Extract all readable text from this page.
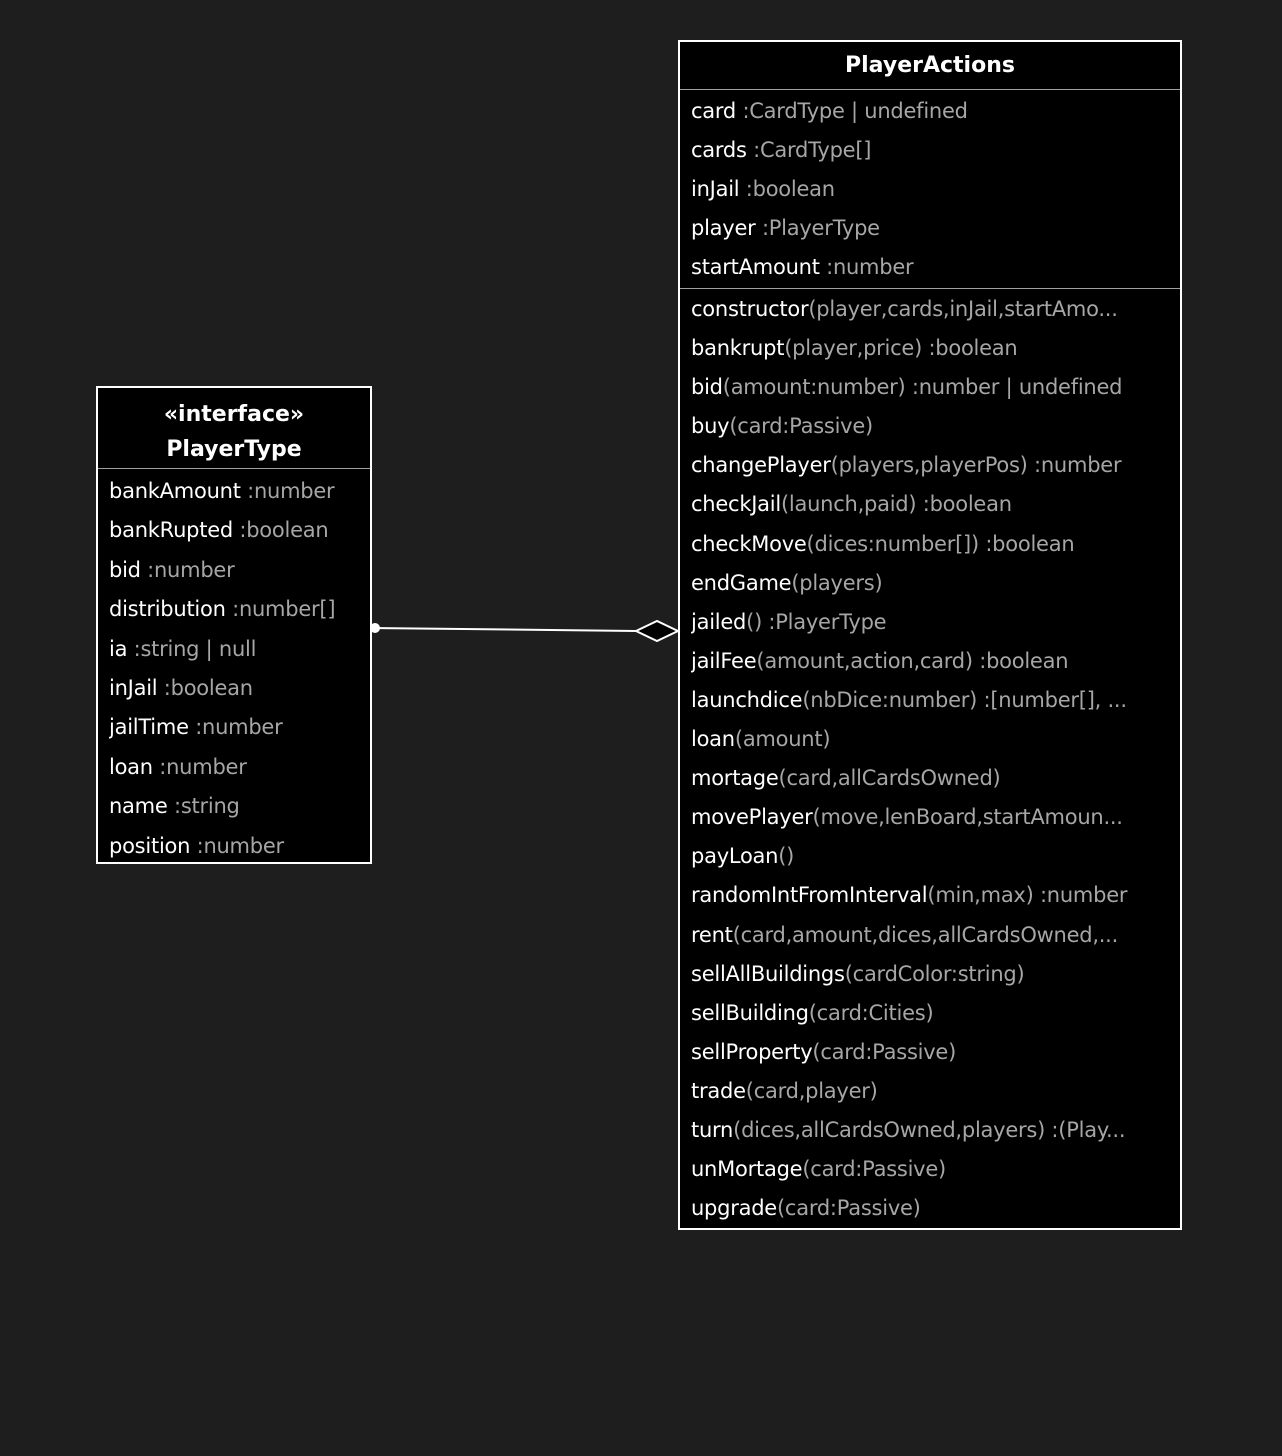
«interface»
PlayerType
bankAmount :number
bankRupted :boolean
bid :number
distribution :number[]
ia :string | null
inJail :boolean
jailTime :number
loan :number
name :string
position :number
PlayerActions
card :CardType | undefined
cards :CardType[]
inJail :boolean
player :PlayerType
startAmount :number
constructor(player,cards,inJail,startAmo...
bankrupt(player,price) :boolean
bid(amount:number) :number | undefined
buy(card:Passive)
changePlayer(players,playerPos) :number
checkJail(launch,paid) :boolean
checkMove(dices:number[]) :boolean
endGame(players)
jailed() :PlayerType
jailFee(amount,action,card) :boolean
launchdice(nbDice:number) :[number[], ...
loan(amount)
mortage(card,allCardsOwned)
movePlayer(move,lenBoard,startAmoun...
payLoan()
randomIntFromInterval(min,max) :number
rent(card,amount,dices,allCardsOwned,...
sellAllBuildings(cardColor:string)
sellBuilding(card:Cities)
sellProperty(card:Passive)
trade(card,player)
turn(dices,allCardsOwned,players) :(Play...
unMortage(card:Passive)
upgrade(card:Passive)
